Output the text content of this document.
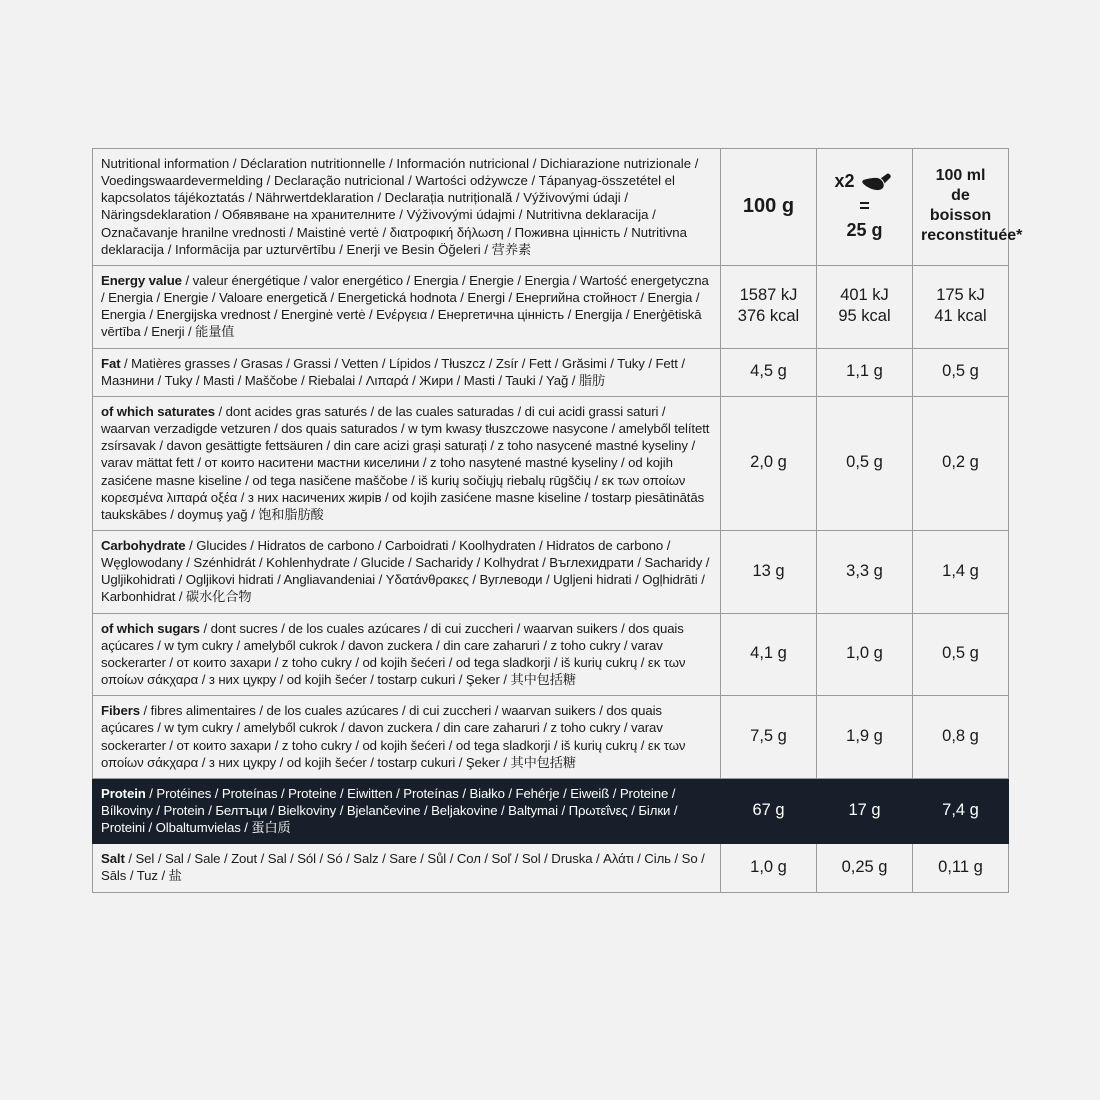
Nutritional information / Déclaration nutritionnelle / Información nutricional / Dichiarazione nutrizionale / Voedingswaardevermelding / Declaração nutricional / Wartości odżywcze / Tápanyag-összetétel el kapcsolatos tájékoztatás / Nährwertdeklaration / Declarația nutrițională / Výživovými údaji / Näringsdeklaration / Обявяване на хранителните / Výživovými údajmi / Nutritivna deklaracija / Označavanje hranilne vrednosti / Maistinė vertė / διατροφική δήλωση / Поживна цінність / Nutritivna deklaracija / Informācija par uzturvērtību / Enerji ve Besin Öğeleri / 营养素	100 g	
x2
=
25 g	100 ml
de boisson reconstituée*
Energy value / valeur énergétique / valor energético / Energia / Energie / Energia / Wartość energetyczna / Energia / Energie / Valoare energetică / Energetická hodnota / Energi / Енергийна стойност / Energia / Energia / Energijska vrednost / Energinė vertė / Ενέργεια / Енергетична цінність / Energija / Enerģētiskā vērtība / Enerji / 能量值	1587 kJ
376 kcal	401 kJ
95 kcal	175 kJ
41 kcal

Fat / Matières grasses / Grasas / Grassi / Vetten / Lípidos / Tłuszcz / Zsír / Fett / Grăsimi / Tuky / Fett / Мазнини / Tuky / Masti / Maščobe / Riebalai / Λιπαρά / Жири / Masti / Tauki / Yağ / 脂肪	4,5 g	1,1 g	0,5 g
of which saturates / dont acides gras saturés / de las cuales saturadas / di cui acidi grassi saturi / waarvan verzadigde vetzuren / dos quais saturados / w tym kwasy tłuszczowe nasycone / amelyből telített zsírsavak / davon gesättigte fettsäuren / din care acizi grași saturați / z toho nasycené mastné kyseliny / varav mättat fett / от които наситени мастни киселини / z toho nasytené mastné kyseliny / od kojih zasićene masne kiseline / od tega nasičene maščobe / iš kurių sočiųjų riebalų rūgščių / εκ των οποίων κορεσμένα λιπαρά οξέα / з них насичених жирів / od kojih zasićene masne kiseline / tostarp piesātinātās taukskābes / doymuş yağ / 饱和脂肪酸	2,0 g	0,5 g	0,2 g
Carbohydrate / Glucides / Hidratos de carbono / Carboidrati / Koolhydraten / Hidratos de carbono / Węglowodany / Szénhidrát / Kohlenhydrate / Glucide / Sacharidy / Kolhydrat / Въглехидрати / Sacharidy / Ugljikohidrati / Ogljikovi hidrati / Angliavandeniai / Υδατάνθρακες / Вуглеводи / Ugljeni hidrati / Ogļhidrāti / Karbonhidrat / 碳水化合物	13 g	3,3 g	1,4 g
of which sugars / dont sucres / de los cuales azúcares / di cui zuccheri / waarvan suikers / dos quais açúcares / w tym cukry / amelyből cukrok / davon zuckera / din care zaharuri / z toho cukry / varav sockerarter / от които захари / z toho cukry / od kojih šećeri / od tega sladkorji / iš kurių cukrų / εκ των οποίων σάκχαρα / з них цукру / od kojih šećer / tostarp cukuri / Şeker / 其中包括糖	4,1 g	1,0 g	0,5 g
Fibers / fibres alimentaires / de los cuales azúcares / di cui zuccheri / waarvan suikers / dos quais açúcares / w tym cukry / amelyből cukrok / davon zuckera / din care zaharuri / z toho cukry / varav sockerarter / от които захари / z toho cukry / od kojih šećeri / od tega sladkorji / iš kurių cukrų / εκ των οποίων σάκχαρα / з них цукру / od kojih šećer / tostarp cukuri / Şeker / 其中包括糖	7,5 g	1,9 g	0,8 g
Protein / Protéines / Proteínas / Proteine / Eiwitten / Proteínas / Białko / Fehérje / Eiweiß / Proteine / Bílkoviny / Protein / Белтъци / Bielkoviny / Bjelančevine / Beljakovine / Baltymai / Πρωτεΐνες / Білки / Proteini / Olbaltumvielas / 蛋白质	67 g	17 g	7,4 g
Salt / Sel / Sal / Sale / Zout / Sal / Sól / Só / Salz / Sare / Sůl / Сол / Soľ / Sol / Druska / Αλάτι / Сіль / So / Sāls / Tuz / 盐	1,0 g	0,25 g	0,11 g
